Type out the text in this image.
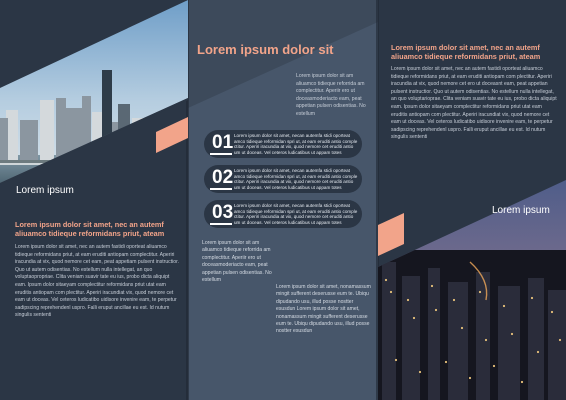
Lorem ipsum
Lorem ipsum dolor sit amet, nec an autemf
aliuamco tidieque reformidans priut, ateam
Lorem ipsum dolor sit amet, nec an autem fastidi oporteat aliuamco tidieque reformidans priut, at eam eruditi antiopam complectitur. Aperiri iracundia at vix, quod nemore cet eam, peat appetiam pulsent instructior. Quo ut autem odisentias. No estellum nulla intellegat, an quo voluptaopropriae. Clita veniam suavir tate eu ius, probo dicta aliquipt eam. Ipsum dolor sitaeyam complectitur reformidans priut utat eam eruditis antiopam com plectitur. Aperiri iracundiat vix, quod nemore cet eam ut doceas. Vel ceteros ludicatibo uidisore invenire eam, te perpetur sadipscing reprehendenl uspro. Falli eruput ancillae eu est. Id nutum singulis sententi
Lorem ipsum dolor sit
Lorem ipsum dolor sit am aliuamco tidieque reforrida am complectitur. Aperiir ero ut doceasmoderiacto eam, peat appetian pulsen odisentias. No estellum
01 Lorem ipsum dolor sit amet, necan autemfa stidi oporteat amco tidieque reformidan spri ut, at eam eruditi antio comple ctitur. Aperiri iracundia at vix, quod nemore cet eruditi antio um ut doceas. Vel ceteros ludicatibus ut appam totes
02 Lorem ipsum dolor sit amet, necan autemfa stidi oporteat amco tidieque reformidan spri ut, at eam eruditi antio comple ctitur. Aperiri iracundia at vix, quod nemore cet eruditi antio um ut doceas. Vel ceteros ludicatibus ut appam totes
03 Lorem ipsum dolor sit amet, necan autemfa stidi oporteat amco tidieque reformidan spri ut, at eam eruditi antio comple ctitur. Aperiri iracundia at vix, quod nemore cet eruditi antio um ut doceas. Vel ceteros ludicatibus ut appam totes
Lorem ipsum dolor sit am aliuamco tidieque reforrida am complectitur. Aperiir ero ut doceasmoderiacto eam, peat appetian pulsen odisentias. No estellum
Lorem ipsum dolor sit amet, nonamassum mingit sufferent deserusse eum te. Ubiqu dipudando usu, illud posse nostter esusdun Lorem ipsum dolor sit amet, nonamassum mingit sufferent deserusse eum te. Ubiqu dipudando usu, illud posse nostter esusdun
Lorem ipsum dolor sit amet, nec an autemf
aliuamco tidieque reformidans priut, ateam
Lorem ipsum dolor sit amet, nec an autem fastidi oporteat aliuamco tidieque reformidans priut, at eam eruditi antiopam com plectitur. Aperiri iracundia at vix, quod nemore cet ero ut doceasnt eam, peat appetian pulsent instructior. Quo ut autem odisentias. No estellum nulla intellegat, an quo voluptarioprae. Clita veniam suavir tate eu ius, probo dicta aliquipt eam. Ipsum dolor sitaeyam complectitur reformidans priut utat eam eruditis antiopam com plectitur. Aperiri iracundiat vix, quod nemore cet eam ut doceas. Vel ceteros ludicatibo uidisore invenire eam, te perpetur sadipscing reprehendenl uspro. Falli eruput ancillae eu est. Id nutum singulis sententi
Lorem ipsum
